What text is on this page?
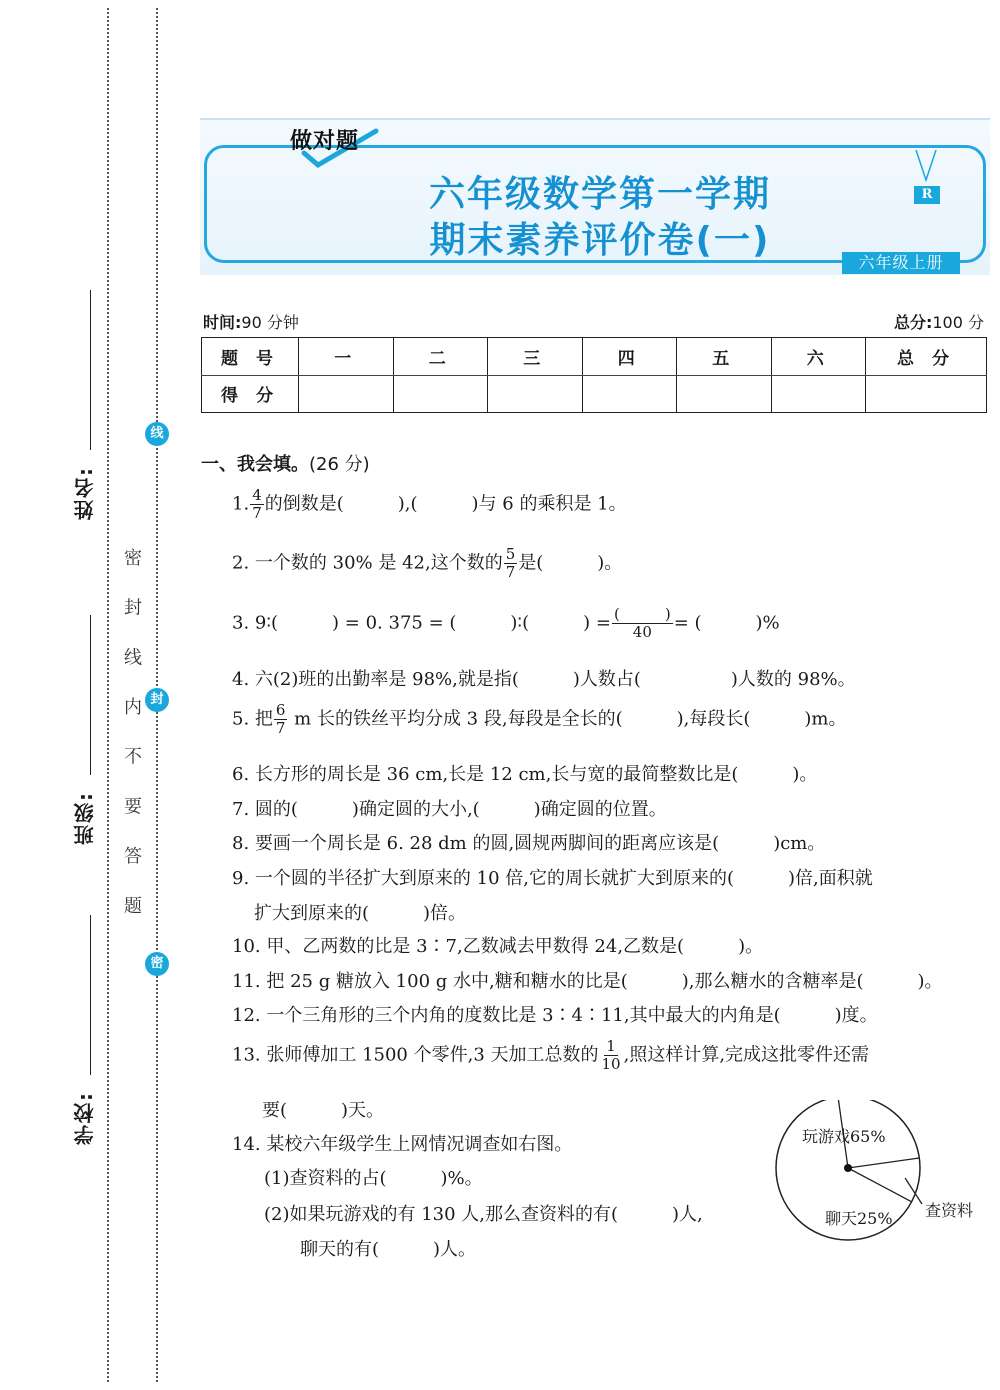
姓名:
班级:
学校:
线
封
密
密 封 线 内 不 要 答 题
做对题
六年级数学第一学期
期末素养评价卷(一)
R
六年级上册
时间:90 分钟	总分:100 分
题 号	一	二	三	四	五	六	总 分
得 分							
一、我会填。(26 分)
1. $\frac{4}{7}$ 的倒数是(　　　),(　　　)与 6 的乘积是 1。
2. 一个数的 30% 是 42,这个数的 $\frac{5}{7}$ 是(　　　)。
3. 9∶(　　　) = 0. 375 = (　　　)∶(　　　) = $\frac{( )}{40}$ = (　　　)%
4. 六(2)班的出勤率是 98%,就是指(　　　)人数占(　　　　　)人数的 98%。
5. 把 $\frac{6}{7}$ m 长的铁丝平均分成 3 段,每段是全长的(　　　),每段长(　　　)m。
6. 长方形的周长是 36 cm,长是 12 cm,长与宽的最简整数比是(　　　)。
7. 圆的(　　　)确定圆的大小,(　　　)确定圆的位置。
8. 要画一个周长是 6. 28 dm 的圆,圆规两脚间的距离应该是(　　　)cm。
9. 一个圆的半径扩大到原来的 10 倍,它的周长就扩大到原来的(　　　)倍,面积就
扩大到原来的(　　　)倍。
10. 甲、乙两数的比是 3∶7,乙数减去甲数得 24,乙数是(　　　)。
11. 把 25 g 糖放入 100 g 水中,糖和糖水的比是(　　　),那么糖水的含糖率是(　　　)。
12. 一个三角形的三个内角的度数比是 3∶4∶11,其中最大的内角是(　　　)度。
13. 张师傅加工 1500 个零件,3 天加工总数的 $\frac{1}{10}$ ,照这样计算,完成这批零件还需
要(　　　)天。
14. 某校六年级学生上网情况调查如右图。
(1)查资料的占(　　　)%。
(2)如果玩游戏的有 130 人,那么查资料的有(　　　)人,
聊天的有(　　　)人。
玩游戏65%
聊天25% 查资料
